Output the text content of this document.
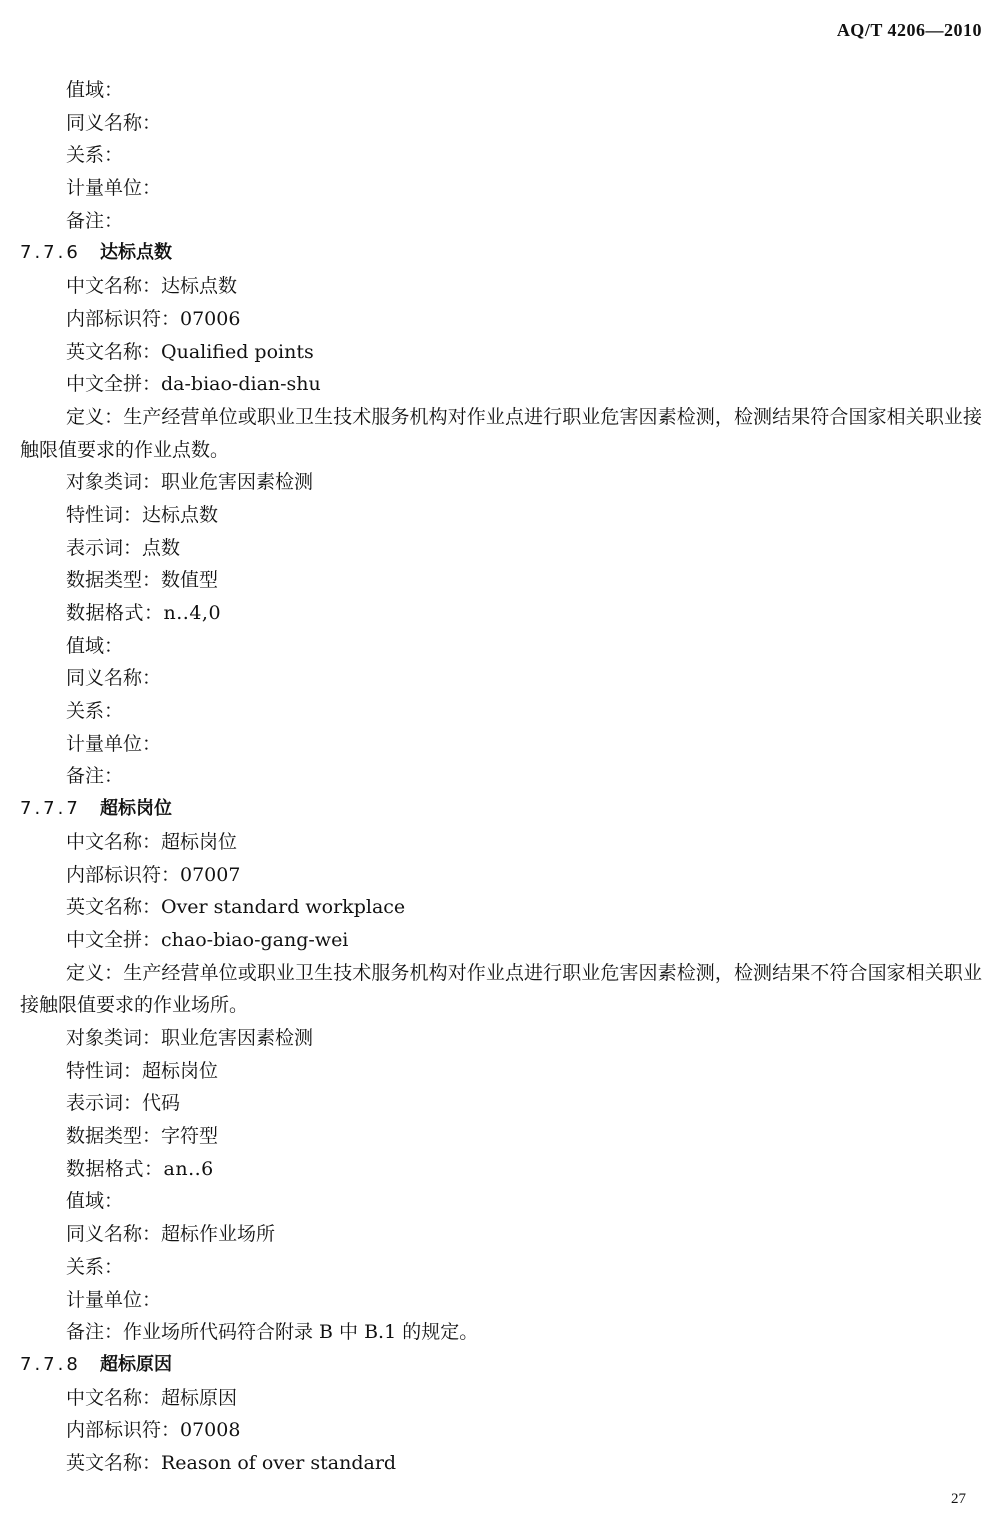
AQ/T 4206—2010
值域：
同义名称：
关系：
计量单位：
备注：
7.7.6 达标点数
中文名称：达标点数
内部标识符：07006
英文名称：Qualified points
中文全拼：da-biao-dian-shu

定义：生产经营单位或职业卫生技术服务机构对作业点进行职业危害因素检测，检测结果符合国家相关职业接触限值要求的作业点数。

对象类词：职业危害因素检测
特性词：达标点数
表示词：点数
数据类型：数值型
数据格式：n..4,0
值域：
同义名称：
关系：
计量单位：
备注：
7.7.7 超标岗位
中文名称：超标岗位
内部标识符：07007
英文名称：Over standard workplace
中文全拼：chao-biao-gang-wei

定义：生产经营单位或职业卫生技术服务机构对作业点进行职业危害因素检测，检测结果不符合国家相关职业接触限值要求的作业场所。

对象类词：职业危害因素检测
特性词：超标岗位
表示词：代码
数据类型：字符型
数据格式：an..6
值域：
同义名称：超标作业场所
关系：
计量单位：
备注：作业场所代码符合附录 B 中 B.1 的规定。
7.7.8 超标原因
中文名称：超标原因
内部标识符：07008
英文名称：Reason of over standard
27
